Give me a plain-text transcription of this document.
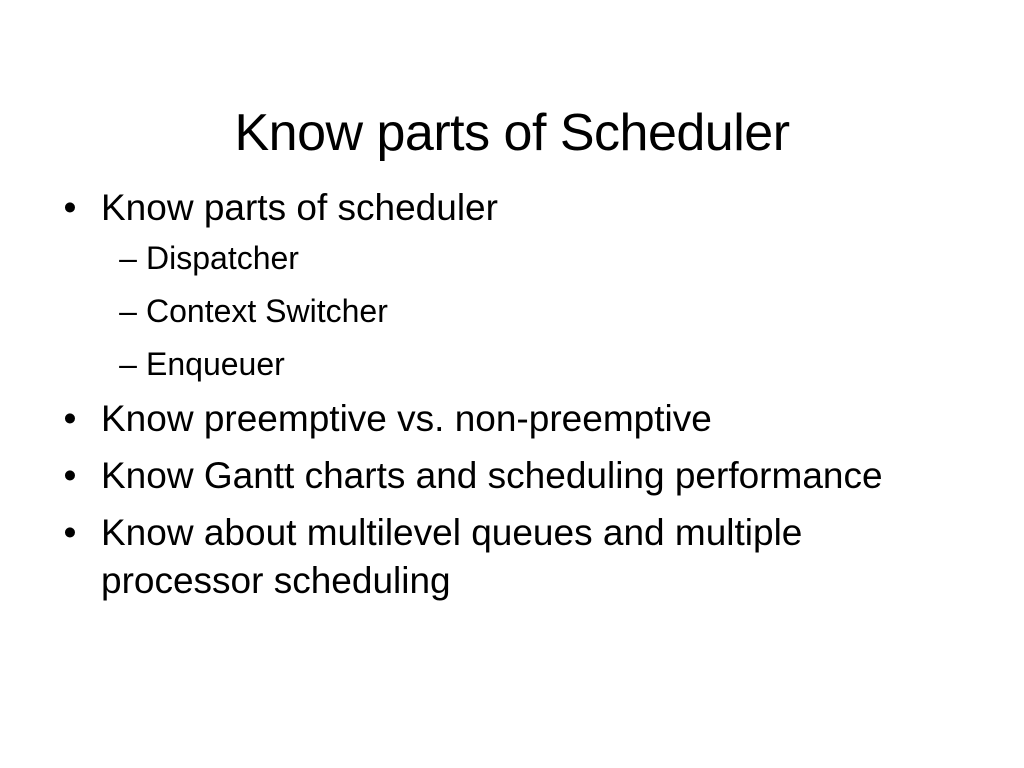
Know parts of Scheduler
• Know parts of scheduler
– Dispatcher
– Context Switcher
– Enqueuer
• Know preemptive vs. non-preemptive
• Know Gantt charts and scheduling performance
• Know about multilevel queues and multiple processor scheduling
